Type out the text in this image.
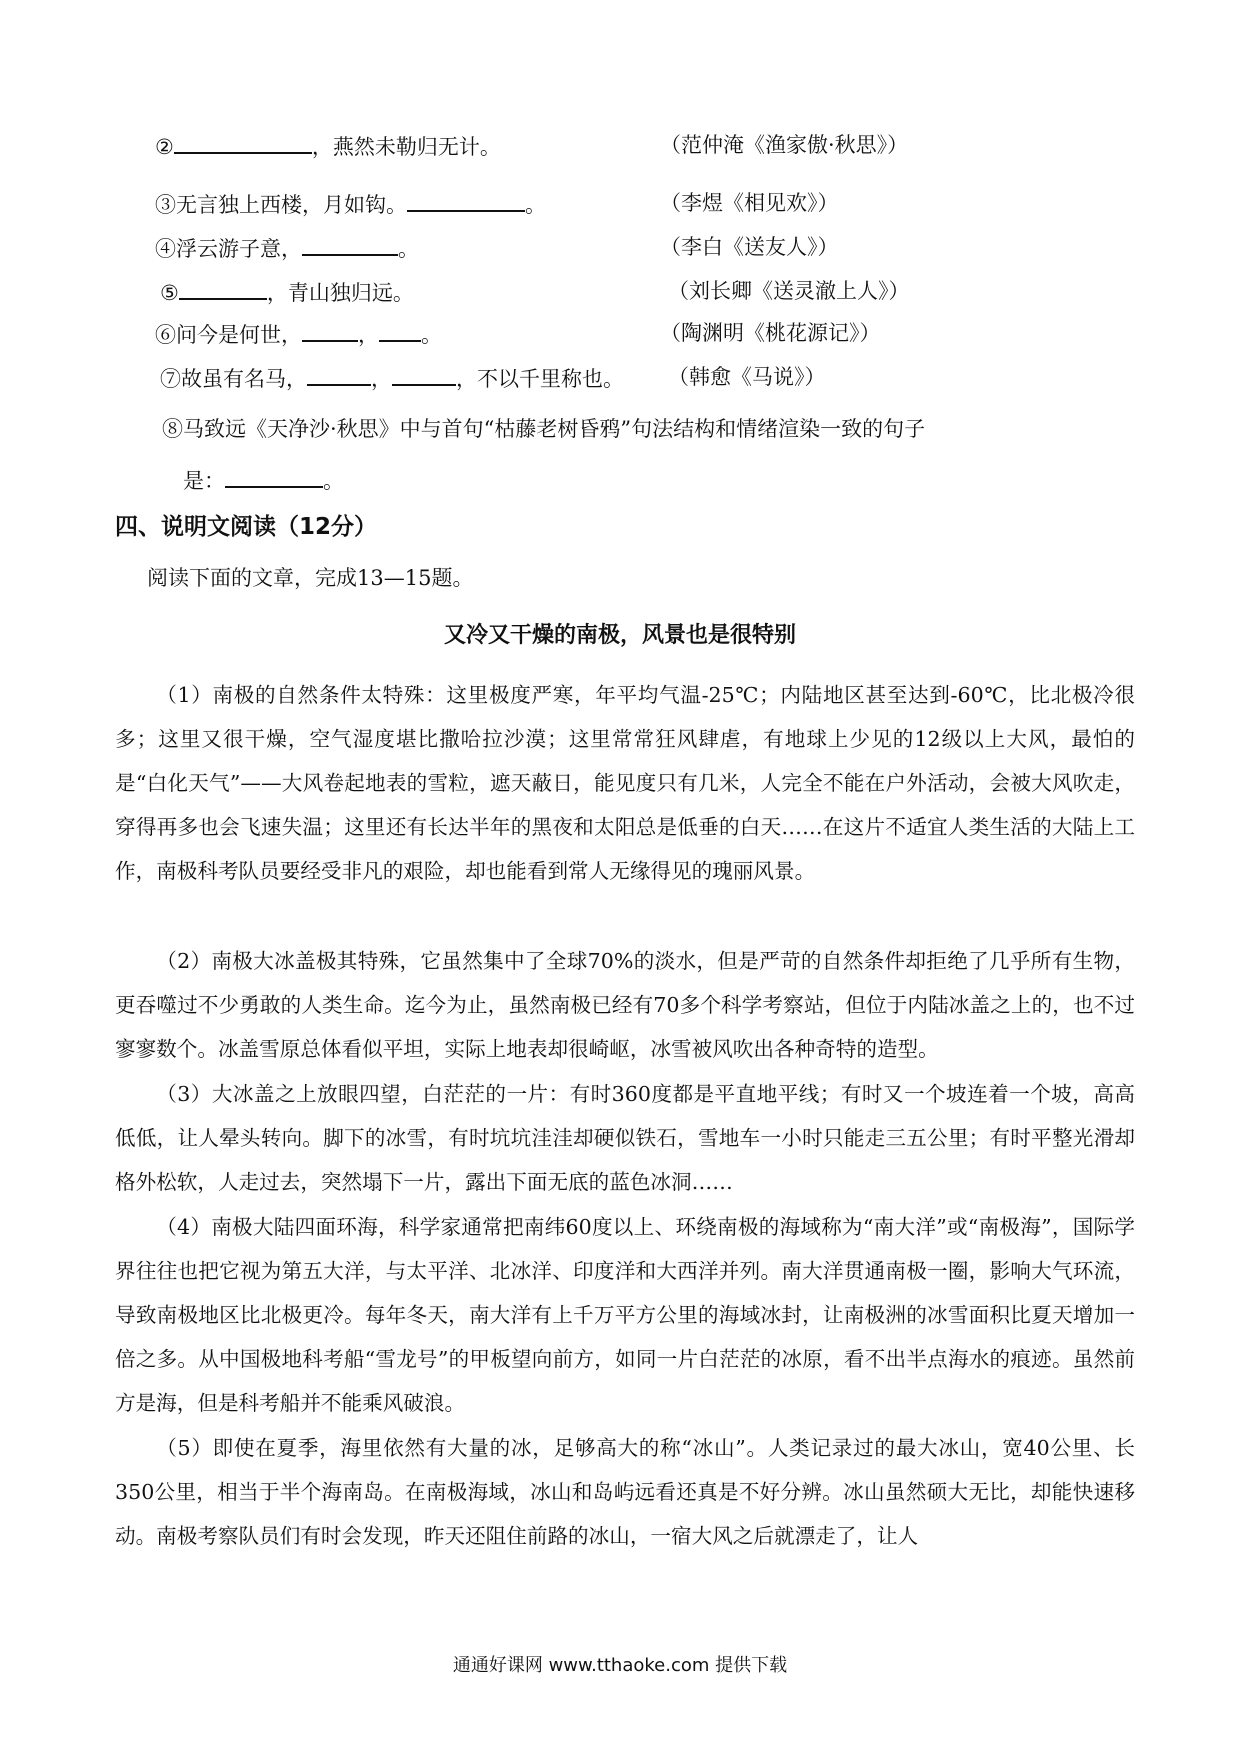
②	，燕然未勒归无计。	（范仲淹《渔家傲·秋思》）
③无言独上西楼，月如钩。	。	（李煜《相见欢》）
④浮云游子意，	。	（李白《送友人》）
⑤	，青山独归远。	（刘长卿《送灵澈上人》）
⑥问今是何世，	， 。	（陶渊明《桃花源记》）
⑦故虽有名马，	，	，不以千里称也。 （韩愈《马说》）
⑧马致远《天净沙·秋思》中与首句“枯藤老树昏鸦”句法结构和情绪渲染一致的句子
是：	。
四、说明文阅读（12分）
阅读下面的文章，完成13—15题。
又冷又干燥的南极，风景也是很特别

（1）南极的自然条件太特殊：这里极度严寒，年平均气温-25℃；内陆地区甚至达到-60℃，比北极冷很多；这里又很干燥，空气湿度堪比撒哈拉沙漠；这里常常狂风肆虐，有地球上少见的12级以上大风，最怕的是“白化天气”——大风卷起地表的雪粒，遮天蔽日，能见度只有几米，人完全不能在户外活动，会被大风吹走，穿得再多也会飞速失温；这里还有长达半年的黑夜和太阳总是低垂的白天……在这片不适宜人类生活的大陆上工作，南极科考队员要经受非凡的艰险，却也能看到常人无缘得见的瑰丽风景。

（2）南极大冰盖极其特殊，它虽然集中了全球70%的淡水，但是严苛的自然条件却拒绝了几乎所有生物，更吞噬过不少勇敢的人类生命。迄今为止，虽然南极已经有70多个科学考察站，但位于内陆冰盖之上的，也不过寥寥数个。冰盖雪原总体看似平坦，实际上地表却很崎岖，冰雪被风吹出各种奇特的造型。

（3）大冰盖之上放眼四望，白茫茫的一片：有时360度都是平直地平线；有时又一个坡连着一个坡，高高低低，让人晕头转向。脚下的冰雪，有时坑坑洼洼却硬似铁石，雪地车一小时只能走三五公里；有时平整光滑却格外松软，人走过去，突然塌下一片，露出下面无底的蓝色冰洞……

（4）南极大陆四面环海，科学家通常把南纬60度以上、环绕南极的海域称为“南大洋”或“南极海”，国际学界往往也把它视为第五大洋，与太平洋、北冰洋、印度洋和大西洋并列。南大洋贯通南极一圈，影响大气环流，导致南极地区比北极更冷。每年冬天，南大洋有上千万平方公里的海域冰封，让南极洲的冰雪面积比夏天增加一倍之多。从中国极地科考船“雪龙号”的甲板望向前方，如同一片白茫茫的冰原，看不出半点海水的痕迹。虽然前方是海，但是科考船并不能乘风破浪。

（5）即使在夏季，海里依然有大量的冰，足够高大的称“冰山”。人类记录过的最大冰山，宽40公里、长350公里，相当于半个海南岛。在南极海域，冰山和岛屿远看还真是不好分辨。冰山虽然硕大无比，却能快速移动。南极考察队员们有时会发现，昨天还阻住前路的冰山，一宿大风之后就漂走了，让人

通通好课网 www.tthaoke.com 提供下载
